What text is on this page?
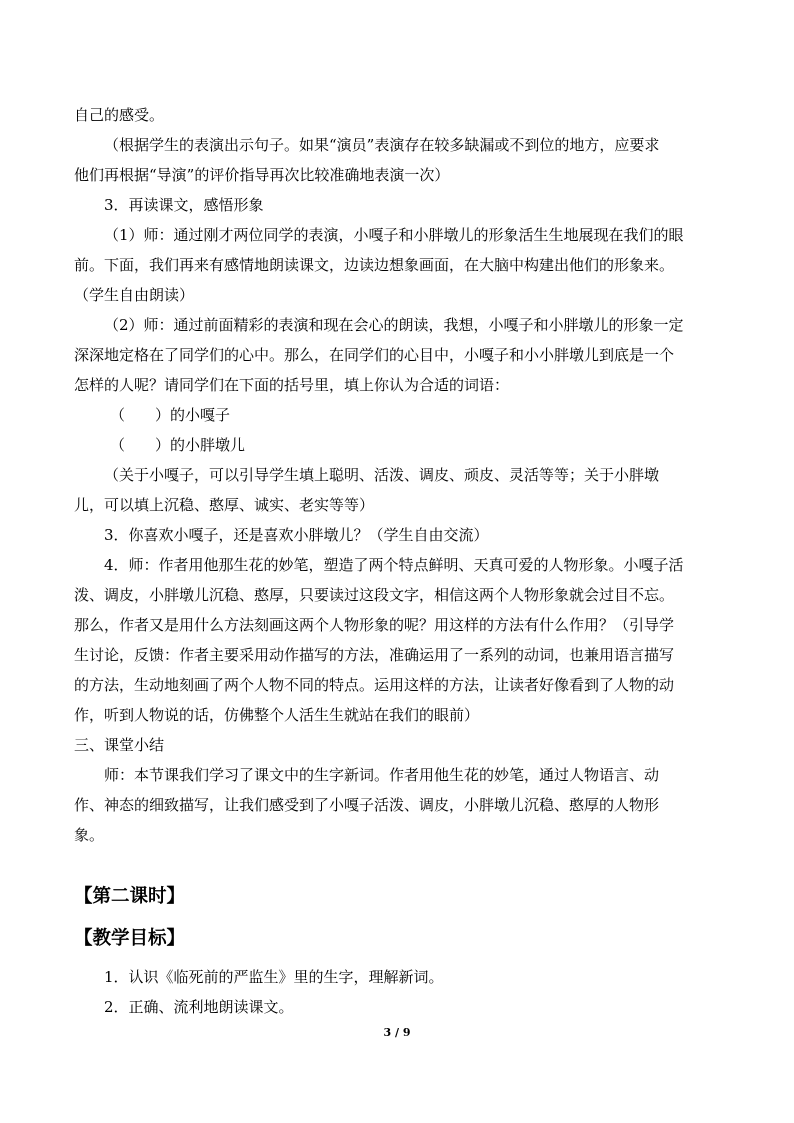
自己的感受。
（根据学生的表演出示句子。如果“演员”表演存在较多缺漏或不到位的地方，应要求
他们再根据“导演”的评价指导再次比较准确地表演一次）
3．再读课文，感悟形象
（1）师：通过刚才两位同学的表演，小嘎子和小胖墩儿的形象活生生地展现在我们的眼
前。下面，我们再来有感情地朗读课文，边读边想象画面，在大脑中构建出他们的形象来。
（学生自由朗读）
（2）师：通过前面精彩的表演和现在会心的朗读，我想，小嘎子和小胖墩儿的形象一定
深深地定格在了同学们的心中。那么，在同学们的心目中，小嘎子和小小胖墩儿到底是一个
怎样的人呢？请同学们在下面的括号里，填上你认为合适的词语：
（　　）的小嘎子
（　　）的小胖墩儿
（关于小嘎子，可以引导学生填上聪明、活泼、调皮、顽皮、灵活等等；关于小胖墩
儿，可以填上沉稳、憨厚、诚实、老实等等）
3．你喜欢小嘎子，还是喜欢小胖墩儿？（学生自由交流）
4．师：作者用他那生花的妙笔，塑造了两个特点鲜明、天真可爱的人物形象。小嘎子活
泼、调皮，小胖墩儿沉稳、憨厚，只要读过这段文字，相信这两个人物形象就会过目不忘。
那么，作者又是用什么方法刻画这两个人物形象的呢？用这样的方法有什么作用？（引导学
生讨论，反馈：作者主要采用动作描写的方法，准确运用了一系列的动词，也兼用语言描写
的方法，生动地刻画了两个人物不同的特点。运用这样的方法，让读者好像看到了人物的动
作，听到人物说的话，仿佛整个人活生生就站在我们的眼前）
三、课堂小结
师：本节课我们学习了课文中的生字新词。作者用他生花的妙笔，通过人物语言、动
作、神态的细致描写，让我们感受到了小嘎子活泼、调皮，小胖墩儿沉稳、憨厚的人物形
象。
【第二课时】
【教学目标】
1．认识《临死前的严监生》里的生字，理解新词。
2．正确、流利地朗读课文。
3 / 9
